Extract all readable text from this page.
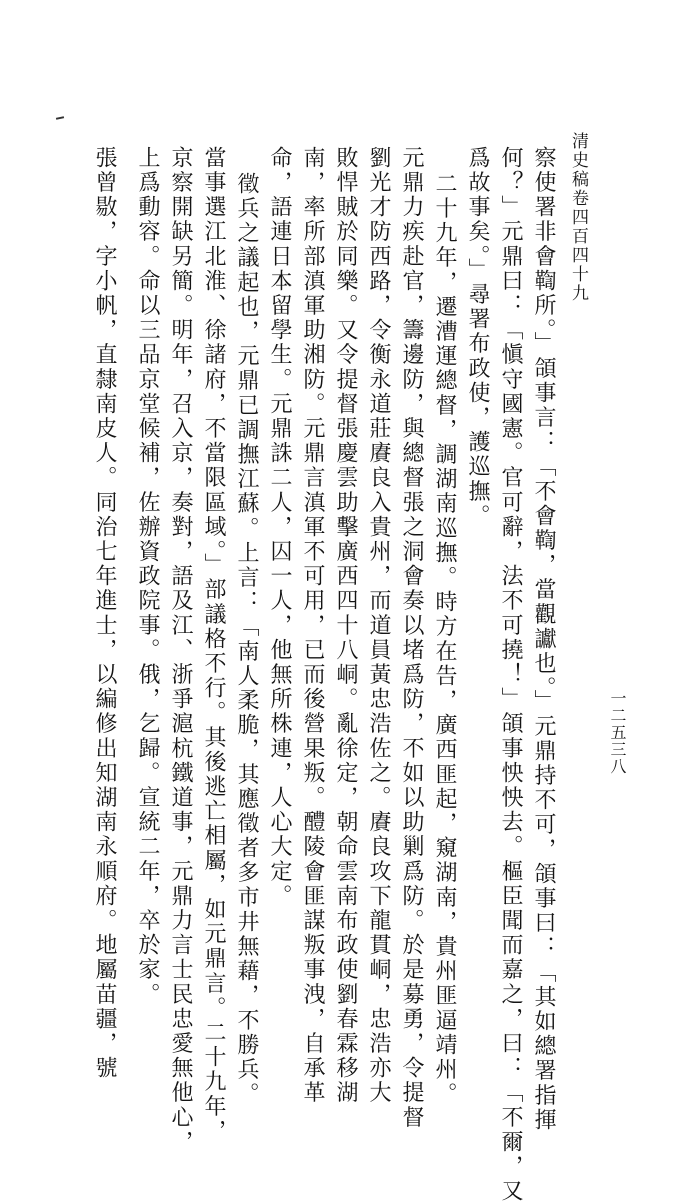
清史稿卷四百四十九
一二五三八
察使署非會鞫所。」頜事言：「不會鞫，當觀讞也。」元鼎持不可，頜事曰：「其如總署指揮
何？」元鼎曰：「愼守國憲。官可辭，法不可撓！」頜事怏怏去。樞臣聞而嘉之，曰：「不爾，又
爲故事矣。」尋署布政使，護巡撫。
二十九年，遷漕運總督，調湖南巡撫。時方在告，廣西匪起，窺湖南，貴州匪逼靖州。
元鼎力疾赴官，籌邊防，與總督張之洞會奏以堵爲防，不如以助剿爲防。於是募勇，令提督
劉光才防西路，令衡永道莊賡良入貴州，而道員黃忠浩佐之。賡良攻下龍貫峒，忠浩亦大
敗悍賊於同樂。又令提督張慶雲助擊廣西四十八峒。亂徐定，朝命雲南布政使劉春霖移湖
南，率所部滇軍助湘防。元鼎言滇軍不可用，已而後營果叛。醴陵會匪謀叛事洩，自承革
命，語連日本留學生。元鼎誅二人，囚一人，他無所株連，人心大定。
徵兵之議起也，元鼎已調撫江蘇。上言：「南人柔脆，其應徵者多市井無藉，不勝兵。
當事選江北淮、徐諸府，不當限區域。」部議格不行。其後逃亡相屬，如元鼎言。二十九年，
京察開缺另簡。明年，召入京，奏對，語及江、浙爭滬杭鐵道事，元鼎力言士民忠愛無他心，
上爲動容。命以三品京堂候補，佐辦資政院事。俄，乞歸。宣統二年，卒於家。
張曾敭，字小帆，直隸南皮人。同治七年進士，以編修出知湖南永順府。地屬苗疆，號
